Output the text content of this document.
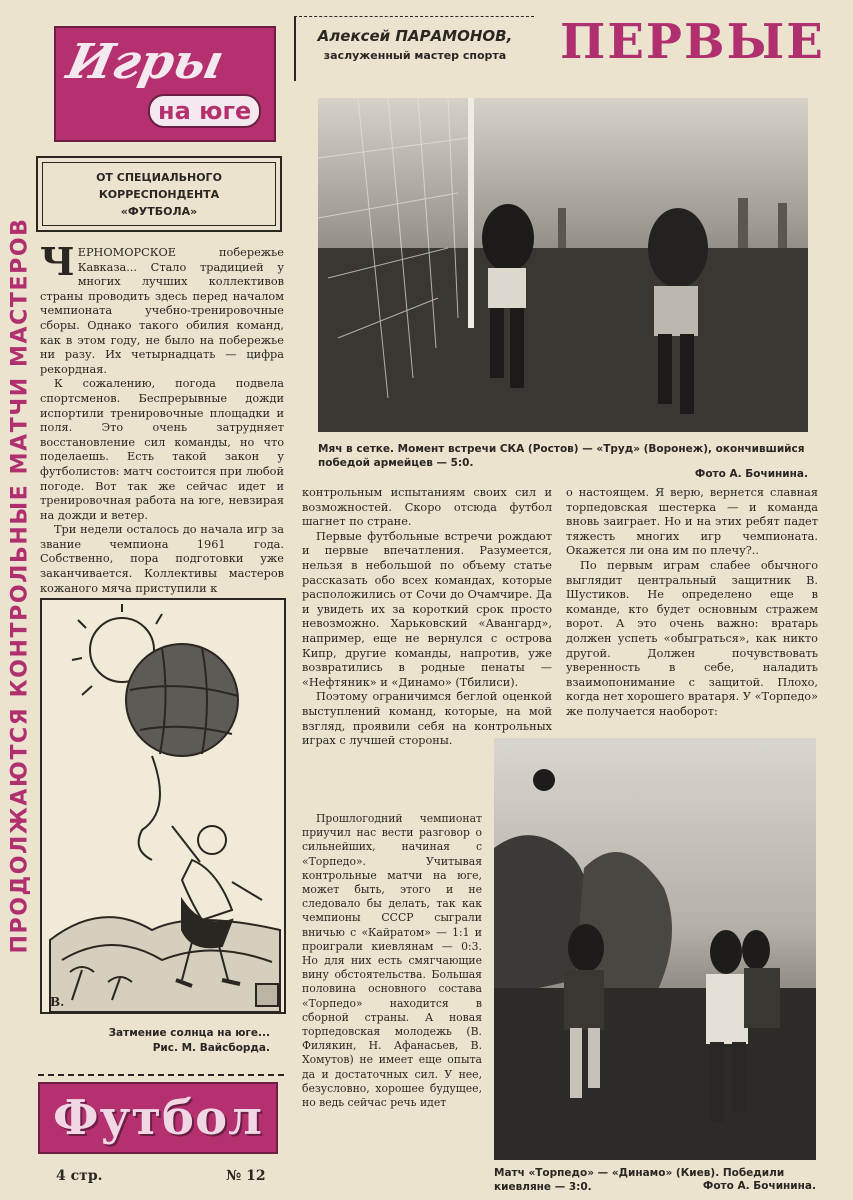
ПРОДОЛЖАЮТСЯ КОНТРОЛЬНЫЕ МАТЧИ МАСТЕРОВ
Игры
на юге
ОТ СПЕЦИАЛЬНОГО
КОРРЕСПОНДЕНТА
«ФУТБОЛА»
Алексей ПАРАМОНОВ,
заслуженный мастер спорта	ПЕРВЫЕ
Мяч в сетке. Момент встречи СКА (Ростов) — «Труд» (Воронеж), окончившийся победой армейцев — 5:0.
Фото А. Бочинина.

ЧЕРНОМОРСКОЕ побережье Кавказа... Стало традицией у многих лучших коллективов страны проводить здесь перед началом чемпионата учебно-тренировочные сборы. Однако такого обилия команд, как в этом году, не было на побережье ни разу. Их четырнадцать — цифра рекордная.

К сожалению, погода подвела спортсменов. Беспрерывные дожди испортили тренировочные площадки и поля. Это очень затрудняет восстановление сил команды, но что поделаешь. Есть такой закон у футболистов: матч состоится при любой погоде. Вот так же сейчас идет и тренировочная работа на юге, невзирая на дожди и ветер.

Три недели осталось до начала игр за звание чемпиона 1961 года. Собственно, пора подготовки уже заканчивается. Коллективы мастеров кожаного мяча приступили к

В.
Затмение солнца на юге...
Рис. М. Вайсборда.
Футбол
4 стр.	№ 12

контрольным испытаниям своих сил и возможностей. Скоро отсюда футбол шагнет по стране.

Первые футбольные встречи рождают и первые впечатления. Разумеется, нельзя в небольшой по объему статье рассказать обо всех командах, которые расположились от Сочи до Очамчире. Да и увидеть их за короткий срок просто невозможно. Харьковский «Авангард», например, еще не вернулся с острова Кипр, другие команды, напротив, уже возвратились в родные пенаты — «Нефтяник» и «Динамо» (Тбилиси).

Поэтому ограничимся беглой оценкой выступлений команд, которые, на мой взгляд, проявили себя на контрольных играх с лучшей стороны.

Прошлогодний чемпионат приучил нас вести разговор о сильнейших, начиная с «Торпедо». Учитывая контрольные матчи на юге, может быть, этого и не следовало бы делать, так как чемпионы СССР сыграли вничью с «Кайратом» — 1:1 и проиграли киевлянам — 0:3. Но для них есть смягчающие вину обстоятельства. Большая половина основного состава «Торпедо» находится в сборной страны. А новая торпедовская молодежь (В. Филякин, Н. Афанасьев, В. Хомутов) не имеет еще опыта да и достаточных сил. У нее, безусловно, хорошее будущее, но ведь сейчас речь идет

о настоящем. Я верю, вернется славная торпедовская шестерка — и команда вновь заиграет. Но и на этих ребят падет тяжесть многих игр чемпионата. Окажется ли она им по плечу?..

По первым играм слабее обычного выглядит центральный защитник В. Шустиков. Не определено еще в команде, кто будет основным стражем ворот. А это очень важно: вратарь должен успеть «обыграться», как никто другой. Должен почувствовать уверенность в себе, наладить взаимопонимание с защитой. Плохо, когда нет хорошего вратаря. У «Торпедо» же получается наоборот:

Матч «Торпедо» — «Динамо» (Киев). Победили киевляне — 3:0.	Фото А. Бочинина.
